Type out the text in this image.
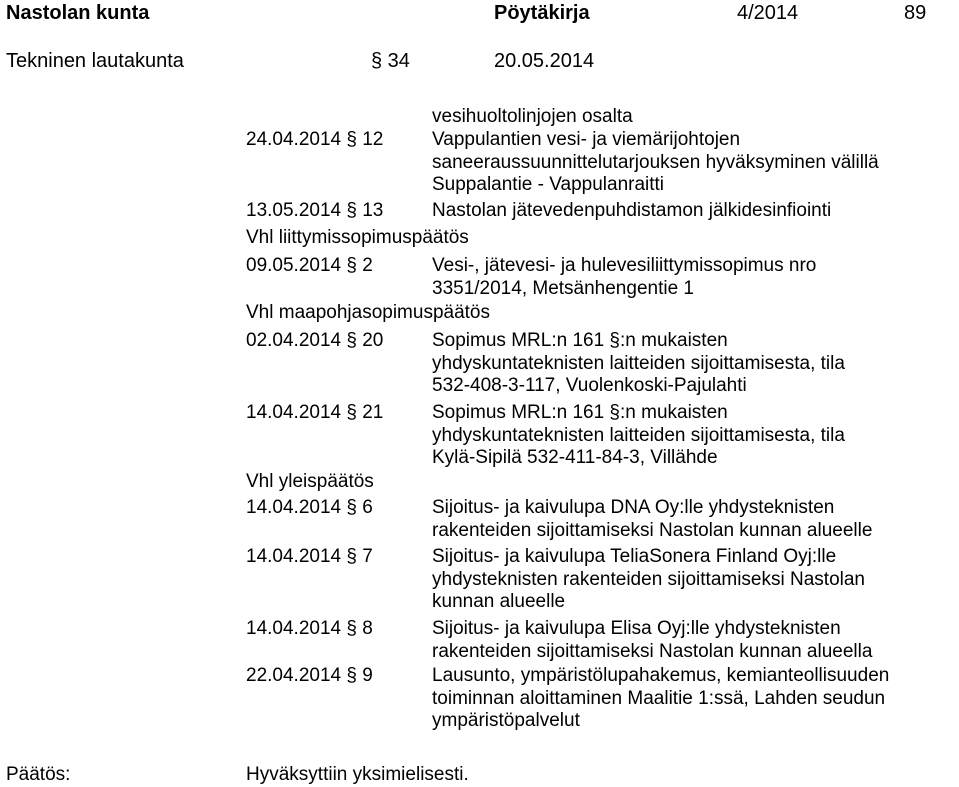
Nastolan kunta	Pöytäkirja	4/2014	89
Tekninen lautakunta	§ 34	20.05.2014
vesihuoltolinjojen osalta
24.04.2014 § 12	Vappulantien vesi- ja viemärijohtojen
saneeraussuunnittelutarjouksen hyväksyminen välillä
Suppalantie - Vappulanraitti
13.05.2014 § 13	Nastolan jätevedenpuhdistamon jälkidesinfiointi
Vhl liittymissopimuspäätös
09.05.2014 § 2	Vesi-, jätevesi- ja hulevesiliittymissopimus nro
3351/2014, Metsänhengentie 1
Vhl maapohjasopimuspäätös
02.04.2014 § 20	Sopimus MRL:n 161 §:n mukaisten
yhdyskuntateknisten laitteiden sijoittamisesta, tila
532-408-3-117, Vuolenkoski-Pajulahti
14.04.2014 § 21	Sopimus MRL:n 161 §:n mukaisten
yhdyskuntateknisten laitteiden sijoittamisesta, tila
Kylä-Sipilä 532-411-84-3, Villähde
Vhl yleispäätös
14.04.2014 § 6	Sijoitus- ja kaivulupa DNA Oy:lle yhdysteknisten
rakenteiden sijoittamiseksi Nastolan kunnan alueelle
14.04.2014 § 7	Sijoitus- ja kaivulupa TeliaSonera Finland Oyj:lle
yhdysteknisten rakenteiden sijoittamiseksi Nastolan
kunnan alueelle
14.04.2014 § 8	Sijoitus- ja kaivulupa Elisa Oyj:lle yhdysteknisten
rakenteiden sijoittamiseksi Nastolan kunnan alueella
22.04.2014 § 9	Lausunto, ympäristölupahakemus, kemianteollisuuden
toiminnan aloittaminen Maalitie 1:ssä, Lahden seudun
ympäristöpalvelut
Päätös:	Hyväksyttiin yksimielisesti.
